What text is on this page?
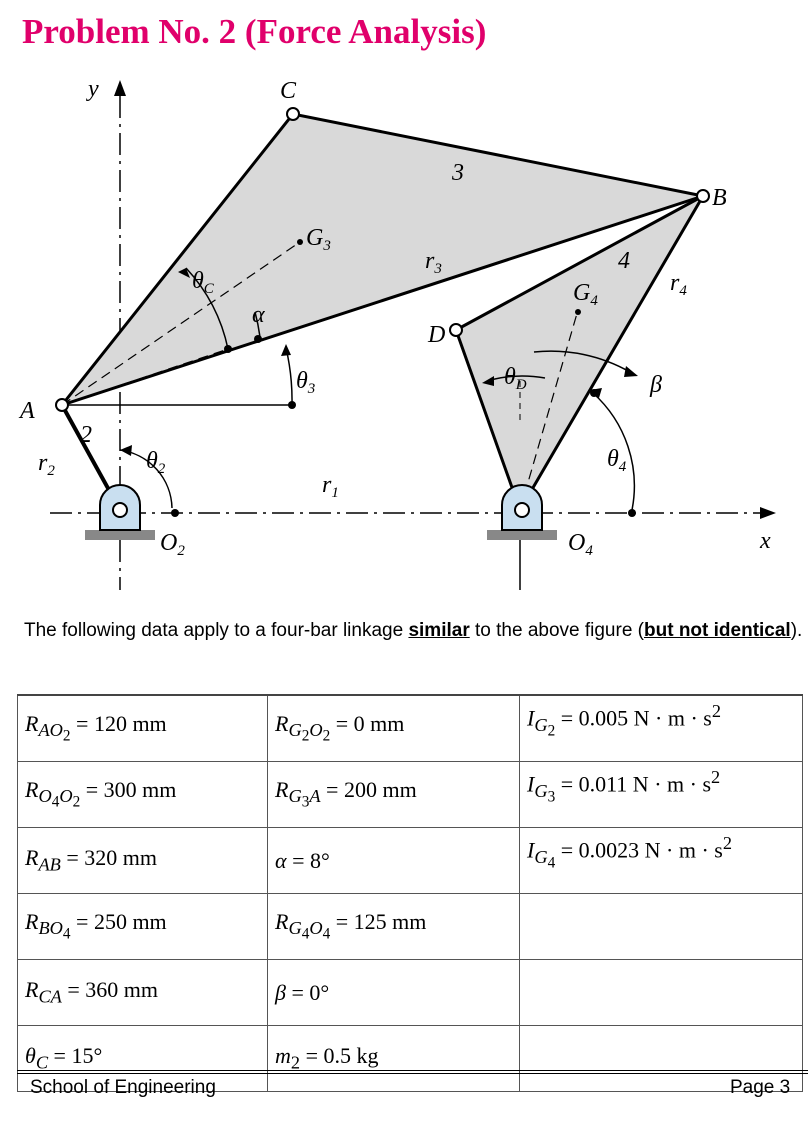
Problem No. 2 (Force Analysis)
y
x
A
B
C
D
2
3
4
$r_3$
$r_4$
$r_2$
$r_1$
$G_3$
$G_4$
$O_2$	$O_4$
$\theta_C$
α
$\theta_3$
$\theta_2$	$\theta_4$
$\theta_D$	β
The following data apply to a four-bar linkage similar to the above figure (but not identical).
$R_{AO_2} = 120$ mm	$R_{G_2O_2} = 0$ mm	$I_{G_2} = 0.005$ $N \cdot m \cdot s^2$
$R_{O_4O_2} = 300$ mm	$R_{G_3A} = 200$ mm	$I_{G_3} = 0.011$ $N \cdot m \cdot s^2$
$R_{AB} = 320$ mm	α = 8°	$I_{G_4} = 0.0023$ $N \cdot m \cdot s^2$
$R_{BO_4} = 250$ mm	$R_{G_4O_4} = 125$ mm	
$R_{CA} = 360$ mm	β = 0°	
$\theta_C = 15^\circ$	$m_2 = 0.5$ kg	
School of Engineering	Page 3
